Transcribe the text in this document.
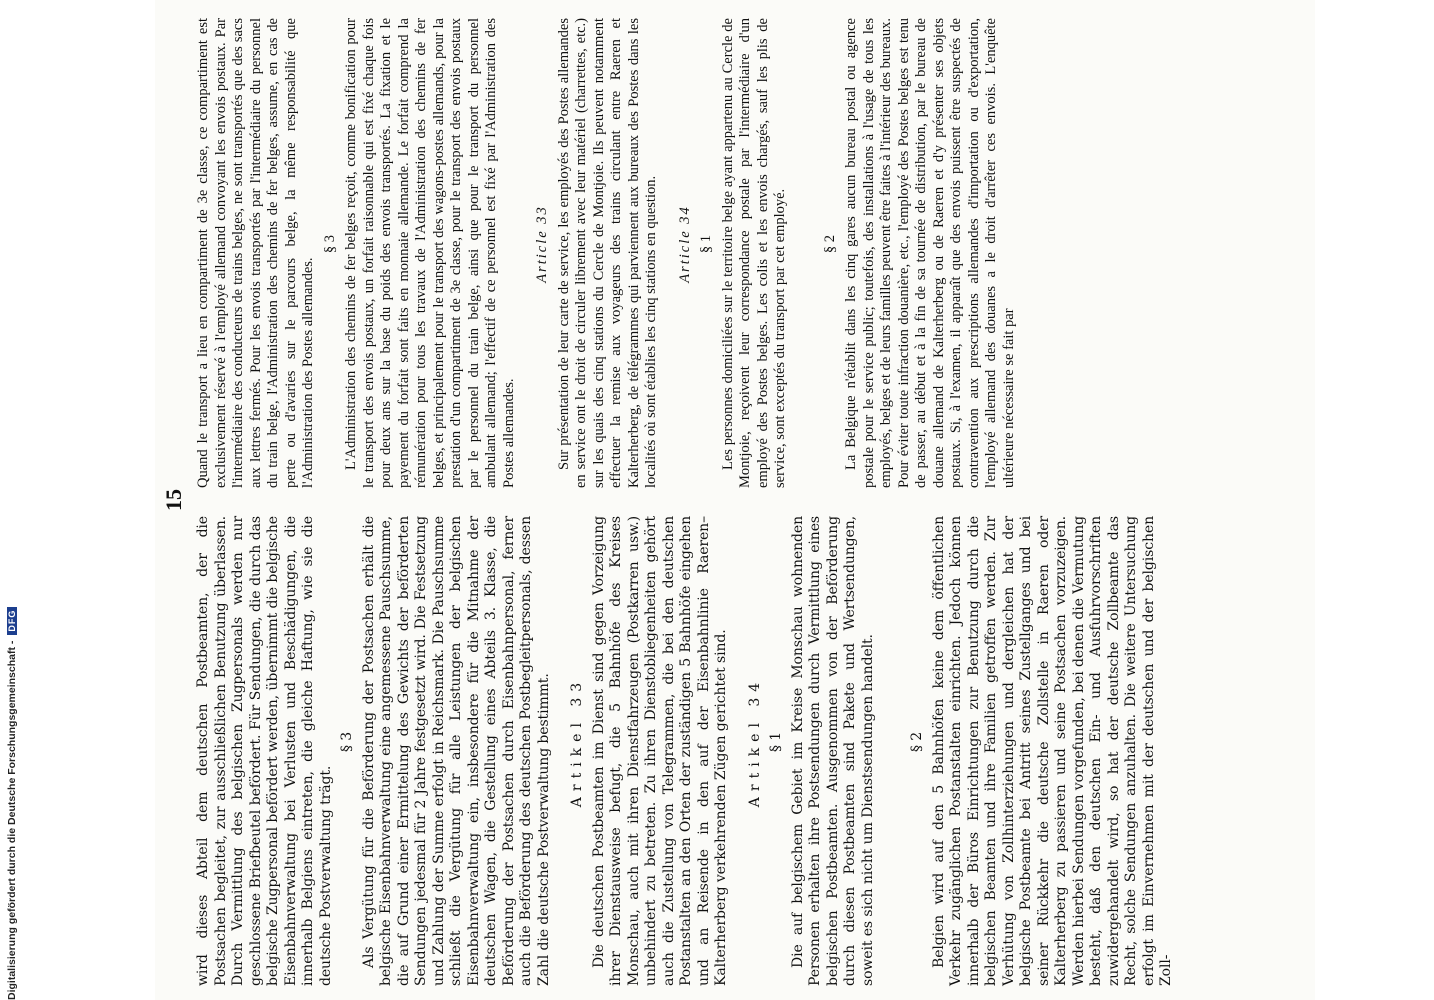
15

wird dieses Abteil dem deutschen Postbeamten, der die Postsachen begleitet, zur ausschließlichen Benutzung überlassen. Durch Vermittlung des belgischen Zugpersonals werden nur geschlossene Briefbeutel befördert. Für Sendungen, die durch das belgische Zugpersonal befördert werden, übernimmt die belgische Eisenbahnverwaltung bei Verlusten und Beschädigungen, die innerhalb Belgiens eintreten, die gleiche Haftung, wie sie die deutsche Postverwaltung trägt.

§ 3 Als Vergütung für die Beförderung der Postsachen erhält die belgische Eisenbahnverwaltung eine angemessene Pauschsumme, die auf Grund einer Ermittelung des Gewichts der beförderten Sendungen jedesmal für 2 Jahre festgesetzt wird. Die Festsetzung und Zahlung der Summe erfolgt in Reichsmark. Die Pauschsumme schließt die Vergütung für alle Leistungen der belgischen Eisenbahnverwaltung ein, insbesondere für die Mitnahme der deutschen Wagen, die Gestellung eines Abteils 3. Klasse, die Beförderung der Postsachen durch Eisenbahnpersonal, ferner auch die Beförderung des deutschen Postbegleitpersonals, dessen Zahl die deutsche Postverwaltung bestimmt. Artikel 33 Die deutschen Postbeamten im Dienst sind gegen Vorzeigung ihrer Dienstausweise befugt, die 5 Bahnhöfe des Kreises Monschau, auch mit ihren Dienstfahrzeugen (Postkarren usw.) unbehindert zu betreten. Zu ihren Dienstobliegenheiten gehört auch die Zustellung von Telegrammen, die bei den deutschen Postanstalten an den Orten der zuständigen 5 Bahnhöfe eingehen und an Reisende in den auf der Eisenbahnlinie Raeren–Kalterherberg verkehrenden Zügen gerichtet sind. Artikel 34 § 1 Die auf belgischem Gebiet im Kreise Monschau wohnenden Personen erhalten ihre Postsendungen durch Vermittlung eines belgischen Postbeamten. Ausgenommen von der Beförderung durch diesen Postbeamten sind Pakete und Wertsendungen, soweit es sich nicht um Dienstsendungen handelt. § 2 Belgien wird auf den 5 Bahnhöfen keine dem öffentlichen Verkehr zugänglichen Postanstalten einrichten. Jedoch können innerhalb der Büros Einrichtungen zur Benutzung durch die belgischen Beamten und ihre Familien getroffen werden. Zur Verhütung von Zollhinterziehungen und dergleichen hat der belgische Postbeamte bei Antritt seines Zustellganges und bei seiner Rückkehr die deutsche Zollstelle in Raeren oder Kalterherberg zu passieren und seine Postsachen vorzuzeigen. Werden hierbei Sendungen vorgefunden, bei denen die Vermutung besteht, daß den deutschen Ein- und Ausfuhrvorschriften zuwidergehandelt wird, so hat der deutsche Zollbeamte das Recht, solche Sendungen anzuhalten. Die weitere Untersuchung erfolgt im Einvernehmen mit der deutschen und der belgischen Zoll-

Quand le transport a lieu en compartiment de 3e classe, ce compartiment est exclusivement réservé à l'employé allemand convoyant les envois postaux. Par l'intermédiaire des conducteurs de trains belges, ne sont transportés que des sacs aux lettres fermés. Pour les envois transportés par l'intermédiaire du personnel du train belge, l'Administration des chemins de fer belges, assume, en cas de perte ou d'avaries sur le parcours belge, la même responsabilité que l'Administration des Postes allemandes.

§ 3 L'Administration des chemins de fer belges reçoit, comme bonification pour le transport des envois postaux, un forfait raisonnable qui est fixé chaque fois pour deux ans sur la base du poids des envois transportés. La fixation et le payement du forfait sont faits en monnaie allemande. Le forfait comprend la rémunération pour tous les travaux de l'Administration des chemins de fer belges, et principalement pour le transport des wagons-postes allemands, pour la prestation d'un compartiment de 3e classe, pour le transport des envois postaux par le personnel du train belge, ainsi que pour le transport du personnel ambulant allemand; l'effectif de ce personnel est fixé par l'Administration des Postes allemandes.

Article 33 Sur présentation de leur carte de service, les employés des Postes allemandes en service ont le droit de circuler librement avec leur matériel (charrettes, etc.) sur les quais des cinq stations du Cercle de Montjoie. Ils peuvent notamment effectuer la remise aux voyageurs des trains circulant entre Raeren et Kalterherberg, de télégrammes qui parviennent aux bureaux des Postes dans les localités où sont établies les cinq stations en question. Article 34 § 1 Les personnes domiciliées sur le territoire belge ayant appartenu au Cercle de Montjoie, reçoivent leur correspondance postale par l'intermédiaire d'un employé des Postes belges. Les colis et les envois chargés, sauf les plis de service, sont exceptés du transport par cet employé. § 2 La Belgique n'établit dans les cinq gares aucun bureau postal ou agence postale pour le service public; toutefois, des installations à l'usage de tous les employés, belges et de leurs familles peuvent être faites à l'intérieur des bureaux. Pour éviter toute infraction douanière, etc., l'employé des Postes belges est tenu de passer, au début et à la fin de sa tournée de distribution, par le bureau de douane allemand de Kalterherberg ou de Raeren et d'y présenter ses objets postaux. Si, à l'examen, il apparaît que des envois puissent être suspectés de contravention aux prescriptions allemandes d'importation ou d'exportation, l'employé allemand des douanes a le droit d'arrêter ces envois. L'enquête ultérieure nécessaire se fait par

Digitalisierung gefördert durch die Deutsche Forschungsgemeinschaft -DFG
